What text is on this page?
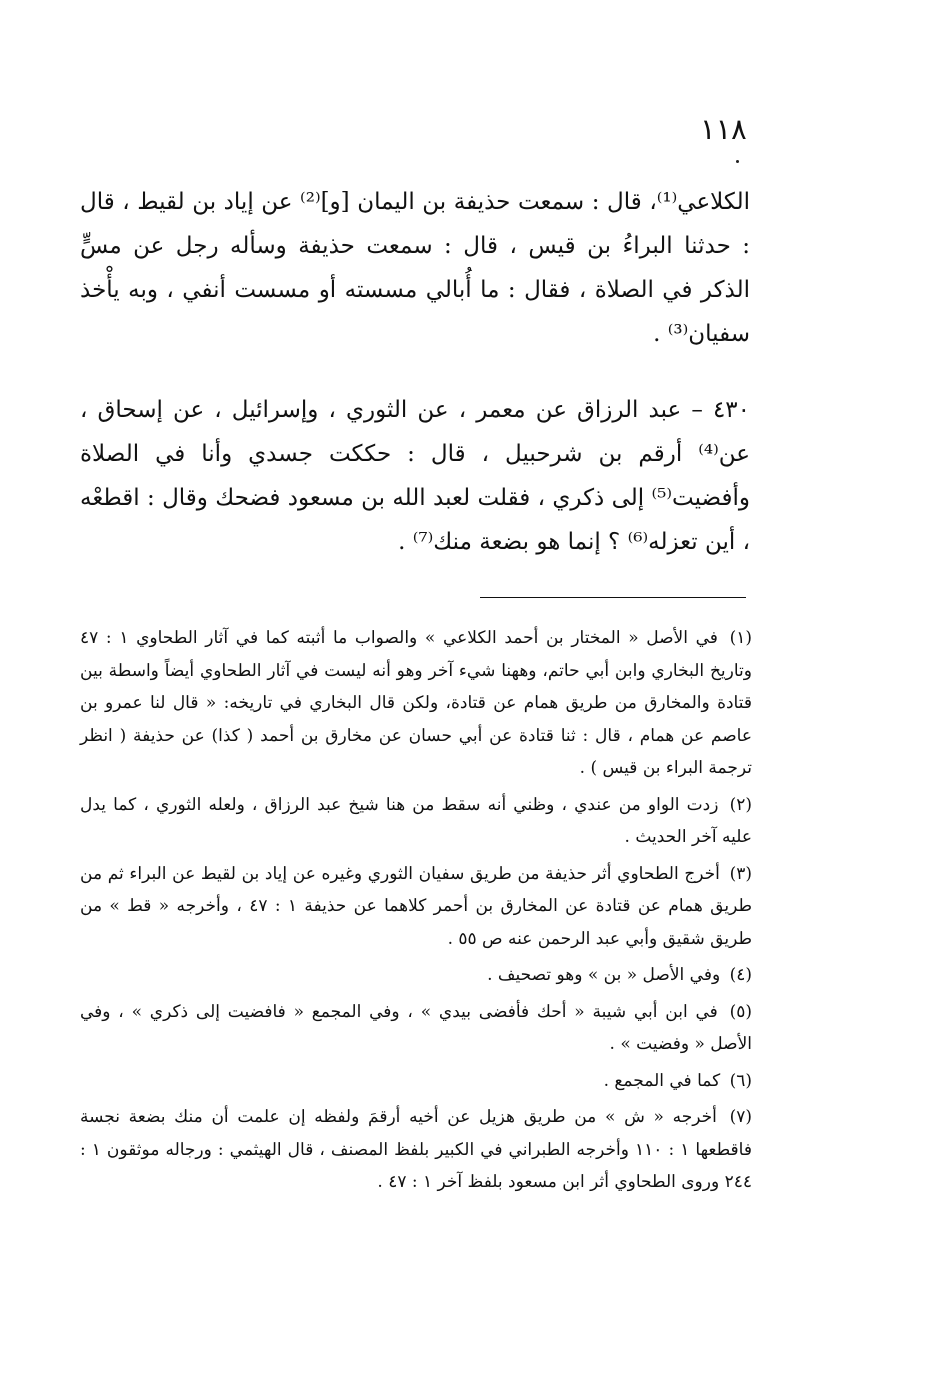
١١٨

الكلاعي⁽¹⁾، قال : سمعت حذيفة بن اليمان [و]⁽²⁾ عن إياد بن لقيط ، قال : حدثنا البراءُ بن قيس ، قال : سمعت حذيفة وسأله رجل عن مسٍّ الذكر في الصلاة ، فقال : ما أُبالي مسسته أو مسست أنفي ، وبه يأْخذ سفيان⁽³⁾ .

٤٣٠ – عبد الرزاق عن معمر ، عن الثوري ، وإسرائيل ، عن إسحاق ، عن⁽⁴⁾ أرقم بن شرحبيل ، قال : حككت جسدي وأنا في الصلاة وأفضيت⁽⁵⁾ إلى ذكري ، فقلت لعبد الله بن مسعود فضحك وقال : اقطعْه ، أين تعزله⁽⁶⁾ ؟ إنما هو بضعة منك⁽⁷⁾ .

(١) في الأصل « المختار بن أحمد الكلاعي » والصواب ما أثبته كما في آثار الطحاوي ١ : ٤٧ وتاريخ البخاري وابن أبي حاتم، وههنا شيء آخر وهو أنه ليست في آثار الطحاوي أيضاً واسطة بين قتادة والمخارق من طريق همام عن قتادة، ولكن قال البخاري في تاريخه: « قال لنا عمرو بن عاصم عن همام ، قال : ثنا قتادة عن أبي حسان عن مخارق بن أحمد ( كذا) عن حذيفة ( انظر ترجمة البراء بن قيس ) .

(٢) زدت الواو من عندي ، وظني أنه سقط من هنا شيخ عبد الرزاق ، ولعله الثوري ، كما يدل عليه آخر الحديث .

(٣) أخرج الطحاوي أثر حذيفة من طريق سفيان الثوري وغيره عن إياد بن لقيط عن البراء ثم من طريق همام عن قتادة عن المخارق بن أحمر كلاهما عن حذيفة ١ : ٤٧ ، وأخرجه « قط » من طريق شقيق وأبي عبد الرحمن عنه ص ٥٥ .

(٤) وفي الأصل « بن » وهو تصحيف .

(٥) في ابن أبي شيبة « أحك فأفضى بيدي » ، وفي المجمع « فافضيت إلى ذكري » ، وفي الأصل « وفضيت » .

(٦) كما في المجمع .

(٧) أخرجه « ش » من طريق هزيل عن أخيه أرقمَ ولفظه إن علمت أن منك بضعة نجسة فاقطعها ١ : ١١٠ وأخرجه الطبراني في الكبير بلفظ المصنف ، قال الهيثمي : ورجاله موثقون ١ : ٢٤٤ وروى الطحاوي أثر ابن مسعود بلفظ آخر ١ : ٤٧ .
